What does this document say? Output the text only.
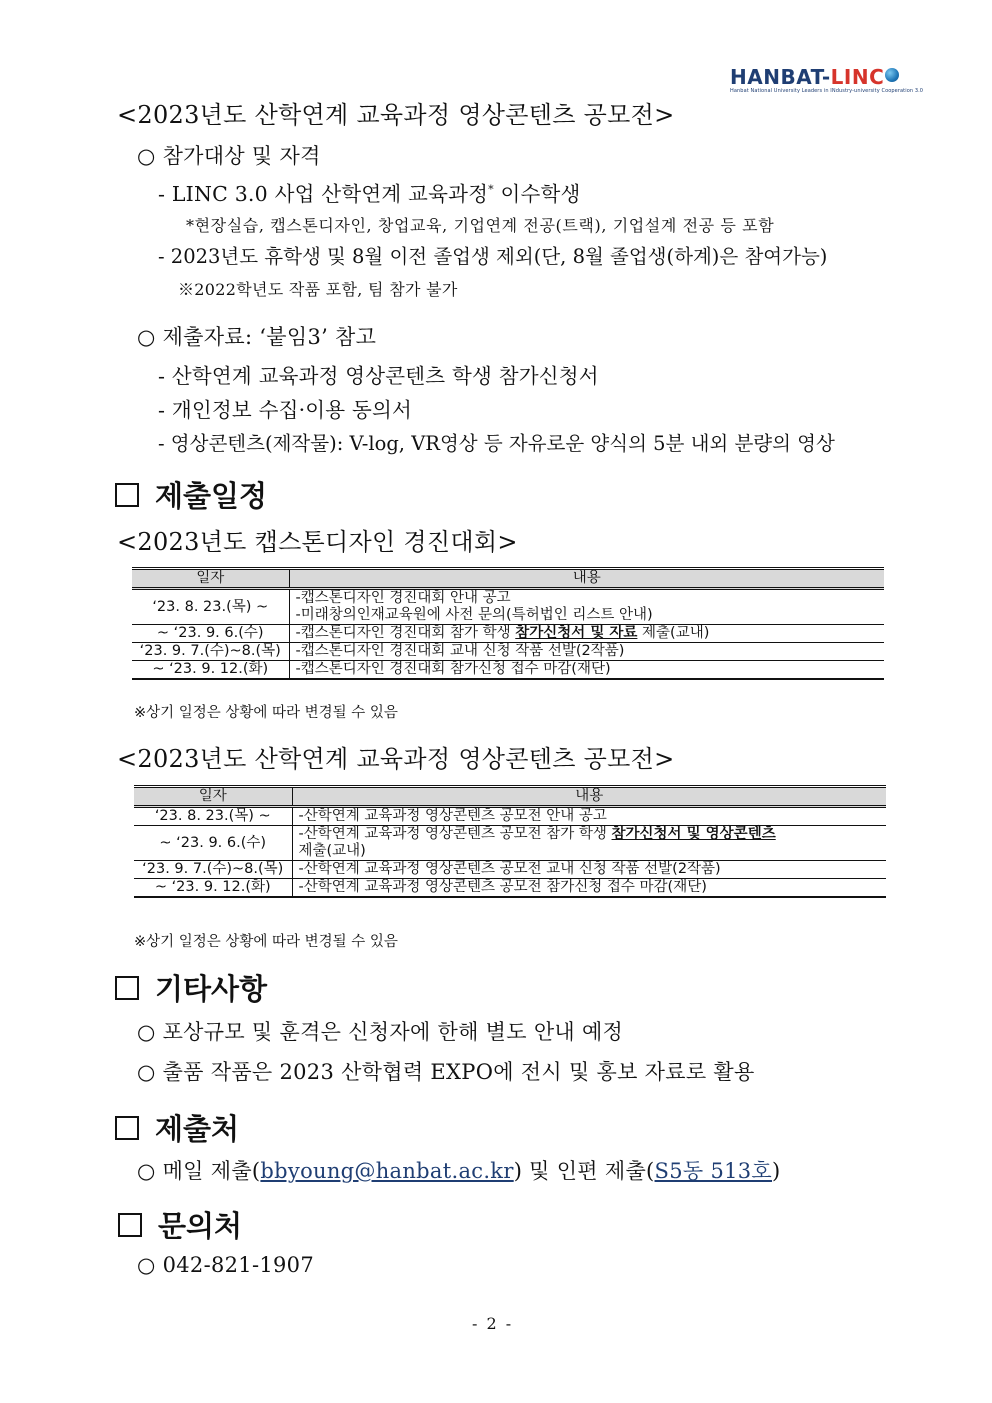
HANBAT-LINC
Hanbat National University Leaders in INdustry-university Cooperation 3.0
<2023년도 산학연계 교육과정 영상콘텐츠 공모전>
○ 참가대상 및 자격
- LINC 3.0 사업 산학연계 교육과정* 이수학생
*현장실습, 캡스톤디자인, 창업교육, 기업연계 전공(트랙), 기업설계 전공 등 포함
- 2023년도 휴학생 및 8월 이전 졸업생 제외(단, 8월 졸업생(하계)은 참여가능)
※2022학년도 작품 포함, 팀 참가 불가
○ 제출자료: ‘붙임3’ 참고
- 산학연계 교육과정 영상콘텐츠 학생 참가신청서
- 개인정보 수집·이용 동의서
- 영상콘텐츠(제작물): V-log, VR영상 등 자유로운 양식의 5분 내외 분량의 영상
제출일정
<2023년도 캡스톤디자인 경진대회>
일자	내용
‘23. 8. 23.(목) ~	-캡스톤디자인 경진대회 안내 공고
-미래창의인재교육원에 사전 문의(특허법인 리스트 안내)

~ ‘23. 9. 6.(수)	-캡스톤디자인 경진대회 참가 학생 참가신청서 및 자료 제출(교내)
‘23. 9. 7.(수)~8.(목)	-캡스톤디자인 경진대회 교내 신청 작품 선발(2작품)
~ ‘23. 9. 12.(화)	-캡스톤디자인 경진대회 참가신청 접수 마감(재단)
※상기 일정은 상황에 따라 변경될 수 있음
<2023년도 산학연계 교육과정 영상콘텐츠 공모전>
일자	내용
‘23. 8. 23.(목) ~	-산학연계 교육과정 영상콘텐츠 공모전 안내 공고
~ ‘23. 9. 6.(수)	-산학연계 교육과정 영상콘텐츠 공모전 참가 학생 참가신청서 및 영상콘텐츠
제출(교내)

‘23. 9. 7.(수)~8.(목)	-산학연계 교육과정 영상콘텐츠 공모전 교내 신청 작품 선발(2작품)
~ ‘23. 9. 12.(화)	-산학연계 교육과정 영상콘텐츠 공모전 참가신청 접수 마감(재단)
※상기 일정은 상황에 따라 변경될 수 있음
기타사항
○ 포상규모 및 훈격은 신청자에 한해 별도 안내 예정
○ 출품 작품은 2023 산학협력 EXPO에 전시 및 홍보 자료로 활용
제출처
○ 메일 제출(bbyoung@hanbat.ac.kr) 및 인편 제출(S5동 513호)
문의처
○ 042-821-1907
- 2 -
